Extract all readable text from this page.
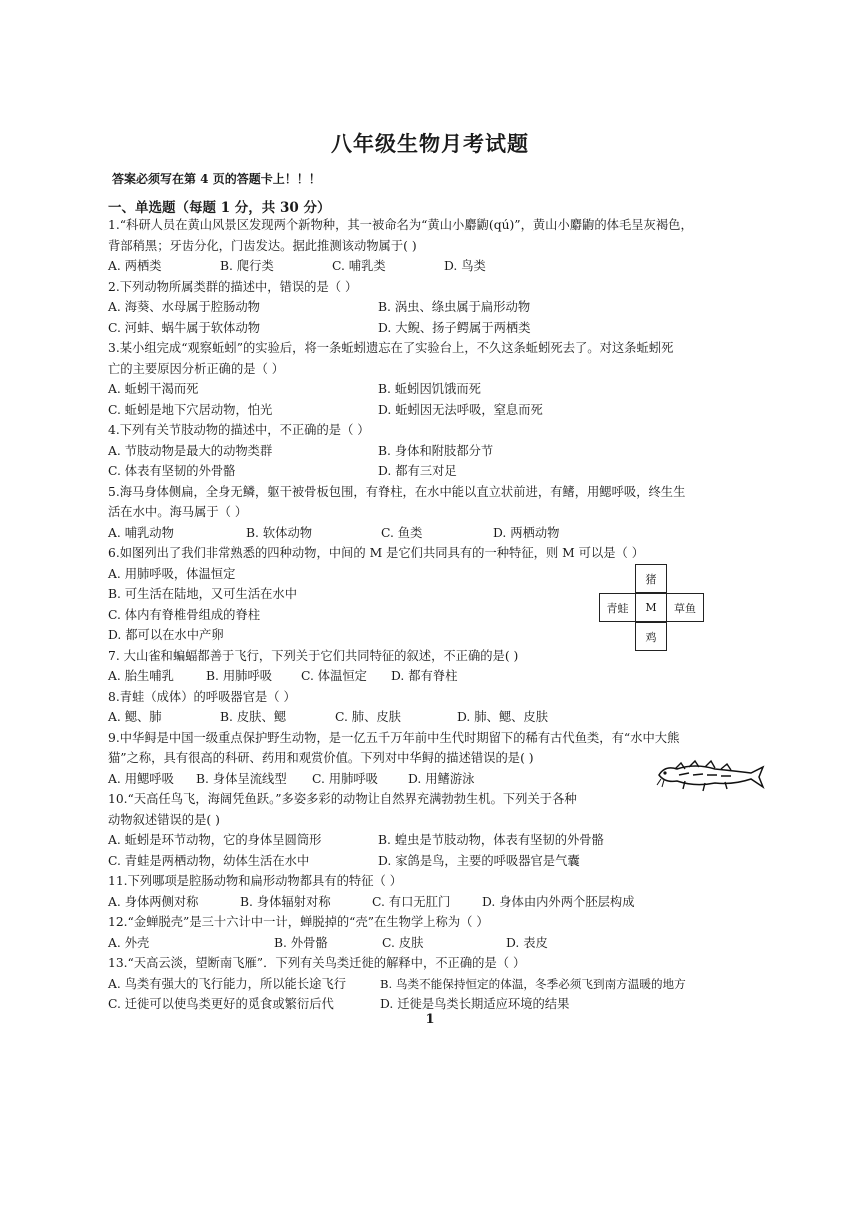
八年级生物月考试题
答案必须写在第 4 页的答题卡上！！！
一、单选题（每题 1 分，共 30 分）
1.“科研人员在黄山风景区发现两个新物种，其一被命名为“黄山小麝鼩(qú)”，黄山小麝鼩的体毛呈灰褐色，
背部稍黑；牙齿分化，门齿发达。据此推测该动物属于( )
A. 两栖类	B. 爬行类	C. 哺乳类	D. 鸟类
2.下列动物所属类群的描述中，错误的是（ ）
A. 海葵、水母属于腔肠动物	B. 涡虫、绦虫属于扁形动物
C. 河蚌、蜗牛属于软体动物	D. 大鲵、扬子鳄属于两栖类
3.某小组完成“观察蚯蚓”的实验后，将一条蚯蚓遗忘在了实验台上，不久这条蚯蚓死去了。对这条蚯蚓死
亡的主要原因分析正确的是（ ）
A. 蚯蚓干渴而死	B. 蚯蚓因饥饿而死
C. 蚯蚓是地下穴居动物，怕光	D. 蚯蚓因无法呼吸，窒息而死
4.下列有关节肢动物的描述中，不正确的是（ ）
A. 节肢动物是最大的动物类群	B. 身体和附肢都分节
C. 体表有坚韧的外骨骼	D. 都有三对足
5.海马身体侧扁，全身无鳞，躯干被骨板包围，有脊柱，在水中能以直立状前进，有鳍，用鳃呼吸，终生生
活在水中。海马属于（ ）
A. 哺乳动物	B. 软体动物	C. 鱼类	D. 两栖动物
6.如图列出了我们非常熟悉的四种动物，中间的 M 是它们共同具有的一种特征，则 M 可以是（ ）
A. 用肺呼吸，体温恒定
B. 可生活在陆地，又可生活在水中
C. 体内有脊椎骨组成的脊柱
D. 都可以在水中产卵
7. 大山雀和蝙蝠都善于飞行，下列关于它们共同特征的叙述，不正确的是( )
A. 胎生哺乳	B. 用肺呼吸	C. 体温恒定	D. 都有脊柱
8.青蛙（成体）的呼吸器官是（ ）
A. 鳃、肺	B. 皮肤、鳃	C. 肺、皮肤	D. 肺、鳃、皮肤
9.中华鲟是中国一级重点保护野生动物，是一亿五千万年前中生代时期留下的稀有古代鱼类，有“水中大熊
猫”之称，具有很高的科研、药用和观赏价值。下列对中华鲟的描述错误的是( )
A. 用鳃呼吸	B. 身体呈流线型	C. 用肺呼吸	D. 用鳍游泳
10.“天高任鸟飞，海阔凭鱼跃。”多姿多彩的动物让自然界充满勃勃生机。下列关于各种
动物叙述错误的是( )
A. 蚯蚓是环节动物，它的身体呈圆筒形	B. 蝗虫是节肢动物，体表有坚韧的外骨骼
C. 青蛙是两栖动物，幼体生活在水中	D. 家鸽是鸟，主要的呼吸器官是气囊
11.下列哪项是腔肠动物和扁形动物都具有的特征（ ）
A. 身体两侧对称	B. 身体辐射对称	C. 有口无肛门	D. 身体由内外两个胚层构成
12.“金蝉脱壳”是三十六计中一计，蝉脱掉的“壳”在生物学上称为（ ）
A. 外壳	B. 外骨骼	C. 皮肤	D. 表皮
13.“天高云淡，望断南飞雁”．下列有关鸟类迁徙的解释中，不正确的是（ ）
A. 鸟类有强大的飞行能力，所以能长途飞行	B. 鸟类不能保持恒定的体温，冬季必须飞到南方温暖的地方
C. 迁徙可以使鸟类更好的觅食或繁衍后代	D. 迁徙是鸟类长期适应环境的结果
猪
青蛙	M	草鱼
鸡
1
